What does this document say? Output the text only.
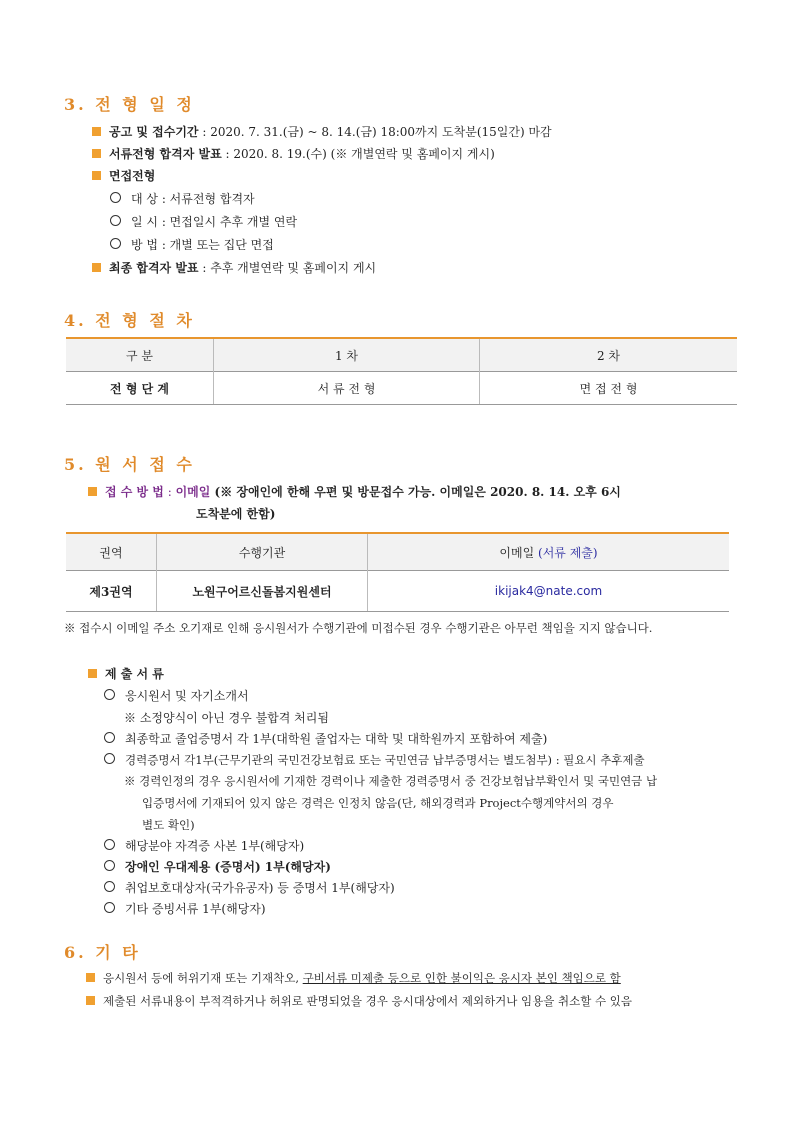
3. 전 형 일 정
공고 및 접수기간 : 2020. 7. 31.(금) ~ 8. 14.(금) 18:00까지 도착분(15일간) 마감
서류전형 합격자 발표 : 2020. 8. 19.(수) (※ 개별연락 및 홈페이지 게시)
면접전형
대 상 : 서류전형 합격자
일 시 : 면접일시 추후 개별 연락
방 법 : 개별 또는 집단 면접
최종 합격자 발표 : 추후 개별연락 및 홈페이지 게시
4. 전 형 절 차
구 분	1 차	2 차
전 형 단 계	서 류 전 형	면 접 전 형
5. 원 서 접 수
접 수 방 법 : 이메일 (※ 장애인에 한해 우편 및 방문접수 가능. 이메일은 2020. 8. 14. 오후 6시
도착분에 한함)
권역	수행기관	이메일 (서류 제출)
제3권역	노원구어르신돌봄지원센터	ikijak4@nate.com
※ 접수시 이메일 주소 오기재로 인해 응시원서가 수행기관에 미접수된 경우 수행기관은 아무런 책임을 지지 않습니다.
제 출 서 류
응시원서 및 자기소개서
※ 소정양식이 아닌 경우 불합격 처리됨
최종학교 졸업증명서 각 1부(대학원 졸업자는 대학 및 대학원까지 포함하여 제출)
경력증명서 각1부(근무기관의 국민건강보험료 또는 국민연금 납부증명서는 별도첨부) : 필요시 추후제출
※ 경력인정의 경우 응시원서에 기재한 경력이나 제출한 경력증명서 중 건강보험납부확인서 및 국민연금 납
입증명서에 기재되어 있지 않은 경력은 인정치 않음(단, 해외경력과 Project수행계약서의 경우
별도 확인)
해당분야 자격증 사본 1부(해당자)
장애인 우대제용 (증명서) 1부(해당자)
취업보호대상자(국가유공자) 등 증명서 1부(해당자)
기타 증빙서류 1부(해당자)
6. 기 타
응시원서 등에 허위기재 또는 기재착오, 구비서류 미제출 등으로 인한 불이익은 응시자 본인 책임으로 함
제출된 서류내용이 부적격하거나 허위로 판명되었을 경우 응시대상에서 제외하거나 임용을 취소할 수 있음
